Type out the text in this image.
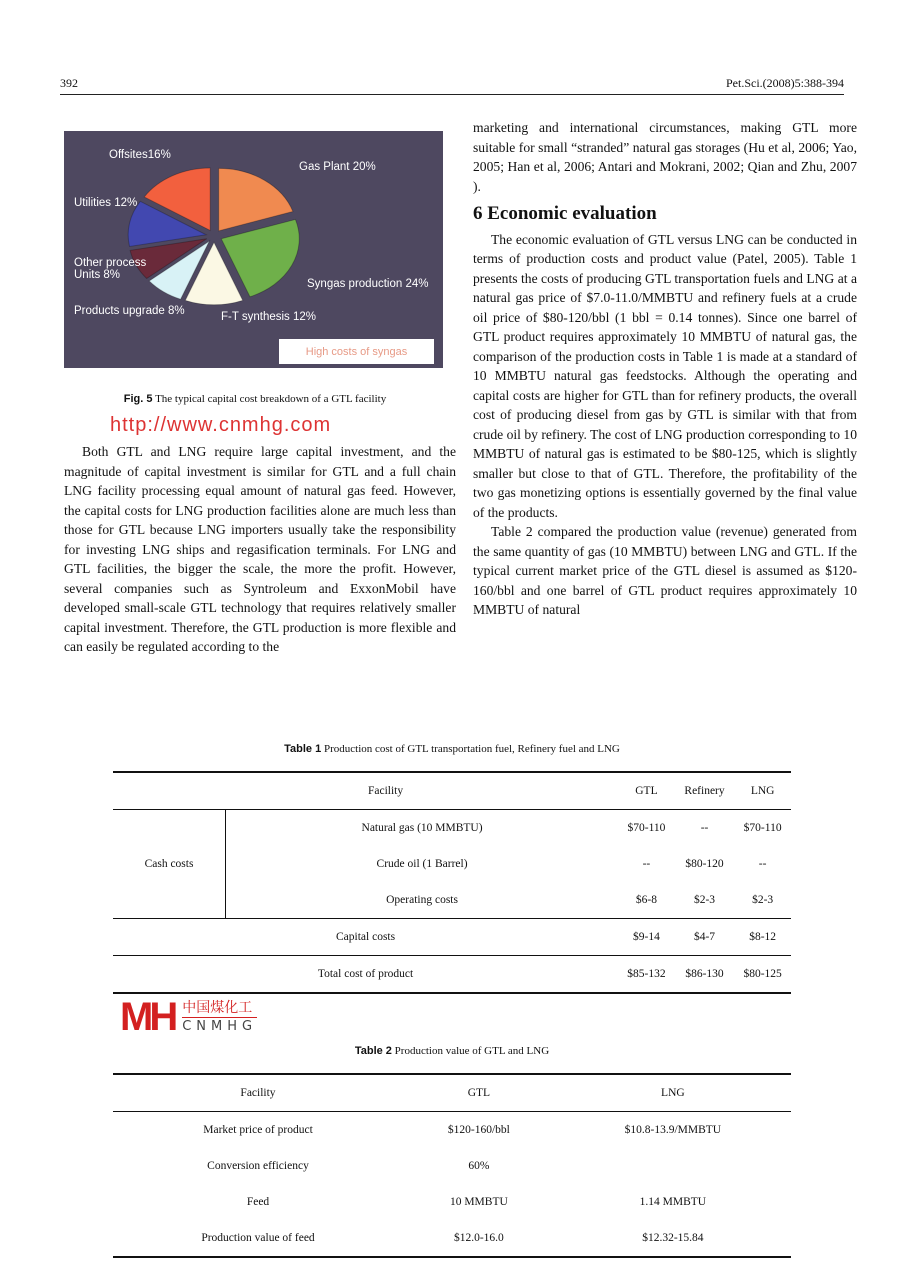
392	Pet.Sci.(2008)5:388-394
Offsites16%
Gas Plant 20%
Utilities 12%
Other process Units 8%
Syngas production 24%
Products upgrade 8%	F-T synthesis 12%
High costs of syngas
Fig. 5 The typical capital cost breakdown of a GTL facility
http://www.cnmhg.com

Both GTL and LNG require large capital investment, and the magnitude of capital investment is similar for GTL and a full chain LNG facility processing equal amount of natural gas feed. However, the capital costs for LNG production facilities alone are much less than those for GTL because LNG importers usually take the responsibility for investing LNG ships and regasification terminals. For LNG and GTL facilities, the bigger the scale, the more the profit. However, several companies such as Syntroleum and ExxonMobil have developed small-scale GTL technology that requires relatively smaller capital investment. Therefore, the GTL production is more flexible and can easily be regulated according to the

marketing and international circumstances, making GTL more suitable for small “stranded” natural gas storages (Hu et al, 2006; Yao, 2005; Han et al, 2006; Antari and Mokrani, 2002; Qian and Zhu, 2007 ).

6 Economic evaluation

The economic evaluation of GTL versus LNG can be conducted in terms of production costs and product value (Patel, 2005). Table 1 presents the costs of producing GTL transportation fuels and LNG at a natural gas price of $7.0-11.0/MMBTU and refinery fuels at a crude oil price of $80-120/bbl (1 bbl = 0.14 tonnes). Since one barrel of GTL product requires approximately 10 MMBTU of natural gas, the comparison of the production costs in Table 1 is made at a standard of 10 MMBTU natural gas feedstocks. Although the operating and capital costs are higher for GTL than for refinery products, the overall cost of producing diesel from gas by GTL is similar with that from crude oil by refinery. The cost of LNG production corresponding to 10 MMBTU of natural gas is estimated to be $80-125, which is slightly smaller but close to that of GTL. Therefore, the profitability of the two gas monetizing options is essentially governed by the final value of the products.

Table 2 compared the production value (revenue) generated from the same quantity of gas (10 MMBTU) between LNG and GTL. If the typical current market price of the GTL diesel is assumed as $120-160/bbl and one barrel of GTL product requires approximately 10 MMBTU of natural

Table 1 Production cost of GTL transportation fuel, Refinery fuel and LNG
Facility		GTL	Refinery	LNG
Cash costs	Natural gas (10 MMBTU)	$70-110	--	$70-110
	Crude oil (1 Barrel)	--	$80-120	--
	Operating costs	$6-8	$2-3	$2-3
Capital costs		$9-14	$4-7	$8-12
Total cost of product		$85-132	$86-130	$80-125
MH 中国煤化工
CNMHG
Table 2 Production value of GTL and LNG
Facility	GTL	LNG
Market price of product	$120-160/bbl	$10.8-13.9/MMBTU
Conversion efficiency	60%	
Feed	10 MMBTU	1.14 MMBTU
Production value of feed	$12.0-16.0	$12.32-15.84
